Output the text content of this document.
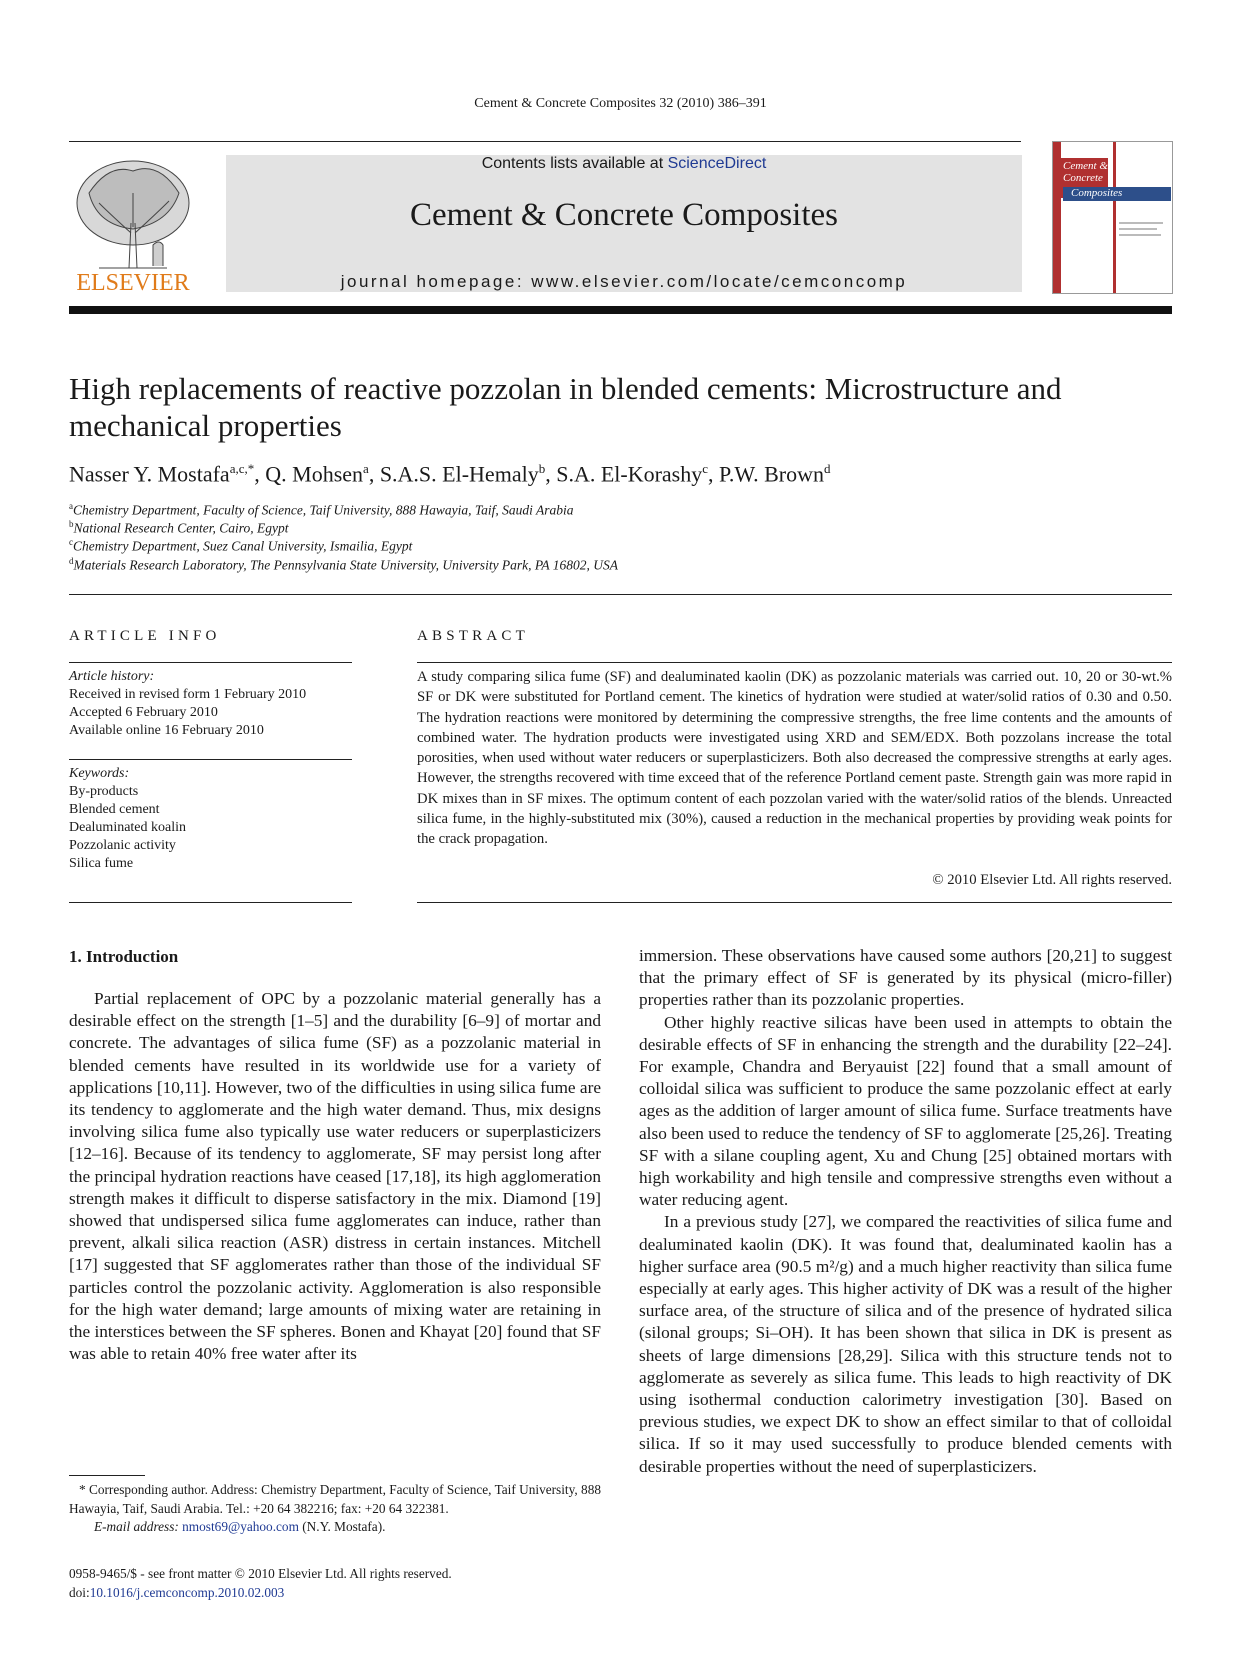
Cement & Concrete Composites 32 (2010) 386–391
ELSEVIER
Contents lists available at ScienceDirect
Cement & Concrete Composites
journal homepage: www.elsevier.com/locate/cemconcomp
Cement &
Concrete
Composites
High replacements of reactive pozzolan in blended cements: Microstructure and mechanical properties
Nasser Y. Mostafa$^{a,c,*}$, Q. Mohsen$^a$, S.A.S. El-Hemaly$^b$, S.A. El-Korashy$^c$, P.W. Brown$^d$
$^a$Chemistry Department, Faculty of Science, Taif University, 888 Hawayia, Taif, Saudi Arabia
$^b$National Research Center, Cairo, Egypt
$^c$Chemistry Department, Suez Canal University, Ismailia, Egypt
$^d$Materials Research Laboratory, The Pennsylvania State University, University Park, PA 16802, USA
ARTICLE INFO
Article history:
Received in revised form 1 February 2010
Accepted 6 February 2010
Available online 16 February 2010
Keywords:
By-products
Blended cement
Dealuminated koalin
Pozzolanic activity
Silica fume
ABSTRACT
A study comparing silica fume (SF) and dealuminated kaolin (DK) as pozzolanic materials was carried out. 10, 20 or 30-wt.% SF or DK were substituted for Portland cement. The kinetics of hydration were studied at water/solid ratios of 0.30 and 0.50. The hydration reactions were monitored by determining the compressive strengths, the free lime contents and the amounts of combined water. The hydration products were investigated using XRD and SEM/EDX. Both pozzolans increase the total porosities, when used without water reducers or superplasticizers. Both also decreased the compressive strengths at early ages. However, the strengths recovered with time exceed that of the reference Portland cement paste. Strength gain was more rapid in DK mixes than in SF mixes. The optimum content of each pozzolan varied with the water/solid ratios of the blends. Unreacted silica fume, in the highly-substituted mix (30%), caused a reduction in the mechanical properties by providing weak points for the crack propagation.
© 2010 Elsevier Ltd. All rights reserved.
1. Introduction

Partial replacement of OPC by a pozzolanic material generally has a desirable effect on the strength [1–5] and the durability [6–9] of mortar and concrete. The advantages of silica fume (SF) as a pozzolanic material in blended cements have resulted in its worldwide use for a variety of applications [10,11]. However, two of the difficulties in using silica fume are its tendency to agglomerate and the high water demand. Thus, mix designs involving silica fume also typically use water reducers or superplasticizers [12–16]. Because of its tendency to agglomerate, SF may persist long after the principal hydration reactions have ceased [17,18], its high agglomeration strength makes it difficult to disperse satisfactory in the mix. Diamond [19] showed that undispersed silica fume agglomerates can induce, rather than prevent, alkali silica reaction (ASR) distress in certain instances. Mitchell [17] suggested that SF agglomerates rather than those of the individual SF particles control the pozzolanic activity. Agglomeration is also responsible for the high water demand; large amounts of mixing water are retaining in the interstices between the SF spheres. Bonen and Khayat [20] found that SF was able to retain 40% free water after its

immersion. These observations have caused some authors [20,21] to suggest that the primary effect of SF is generated by its physical (micro-filler) properties rather than its pozzolanic properties.

Other highly reactive silicas have been used in attempts to obtain the desirable effects of SF in enhancing the strength and the durability [22–24]. For example, Chandra and Beryauist [22] found that a small amount of colloidal silica was sufficient to produce the same pozzolanic effect at early ages as the addition of larger amount of silica fume. Surface treatments have also been used to reduce the tendency of SF to agglomerate [25,26]. Treating SF with a silane coupling agent, Xu and Chung [25] obtained mortars with high workability and high tensile and compressive strengths even without a water reducing agent.

In a previous study [27], we compared the reactivities of silica fume and dealuminated kaolin (DK). It was found that, dealuminated kaolin has a higher surface area (90.5 m²/g) and a much higher reactivity than silica fume especially at early ages. This higher activity of DK was a result of the higher surface area, of the structure of silica and of the presence of hydrated silica (silonal groups; Si–OH). It has been shown that silica in DK is present as sheets of large dimensions [28,29]. Silica with this structure tends not to agglomerate as severely as silica fume. This leads to high reactivity of DK using isothermal conduction calorimetry investigation [30]. Based on previous studies, we expect DK to show an effect similar to that of colloidal silica. If so it may used successfully to produce blended cements with desirable properties without the need of superplasticizers.

* Corresponding author. Address: Chemistry Department, Faculty of Science, Taif University, 888 Hawayia, Taif, Saudi Arabia. Tel.: +20 64 382216; fax: +20 64 322381.

E-mail address: nmost69@yahoo.com (N.Y. Mostafa).

0958-9465/$ - see front matter © 2010 Elsevier Ltd. All rights reserved.
doi:10.1016/j.cemconcomp.2010.02.003
